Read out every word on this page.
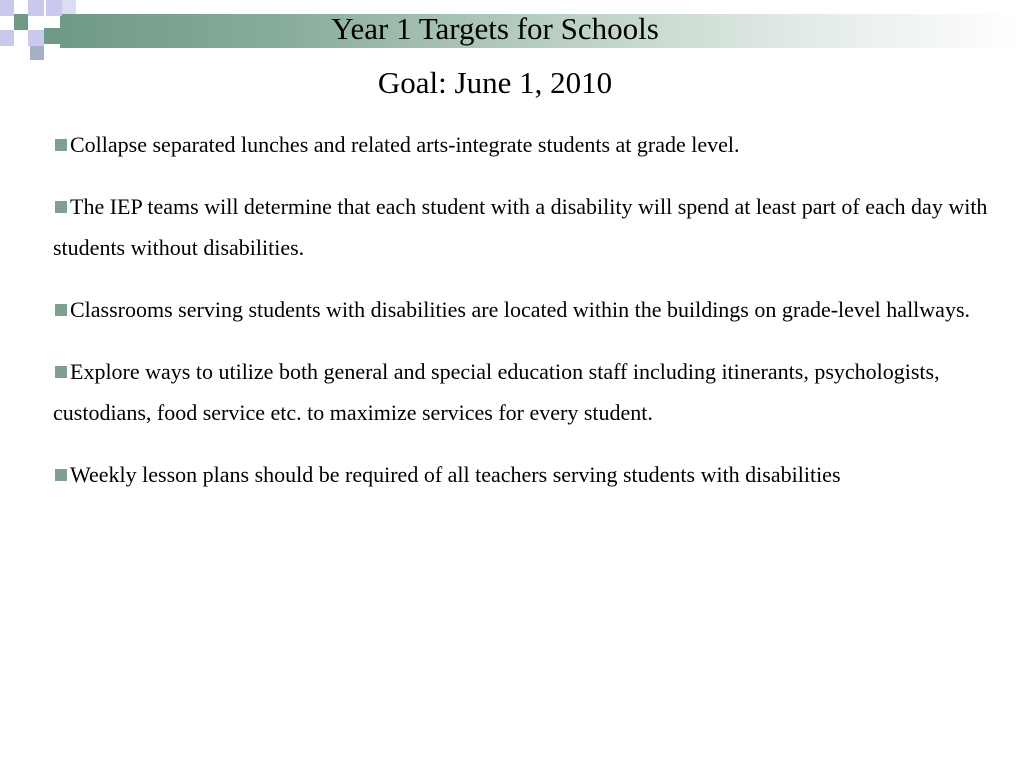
Year 1 Targets for Schools
Goal: June 1, 2010
Collapse separated lunches and related arts-integrate students at grade level.
The IEP teams will determine that each student with a disability will spend at least part of each day with students without disabilities.
Classrooms serving students with disabilities are located within the buildings on grade-level hallways.
Explore ways to utilize both general and special education staff including itinerants, psychologists, custodians, food service etc. to maximize services for every student.
Weekly lesson plans should be required of all teachers serving students with disabilities
